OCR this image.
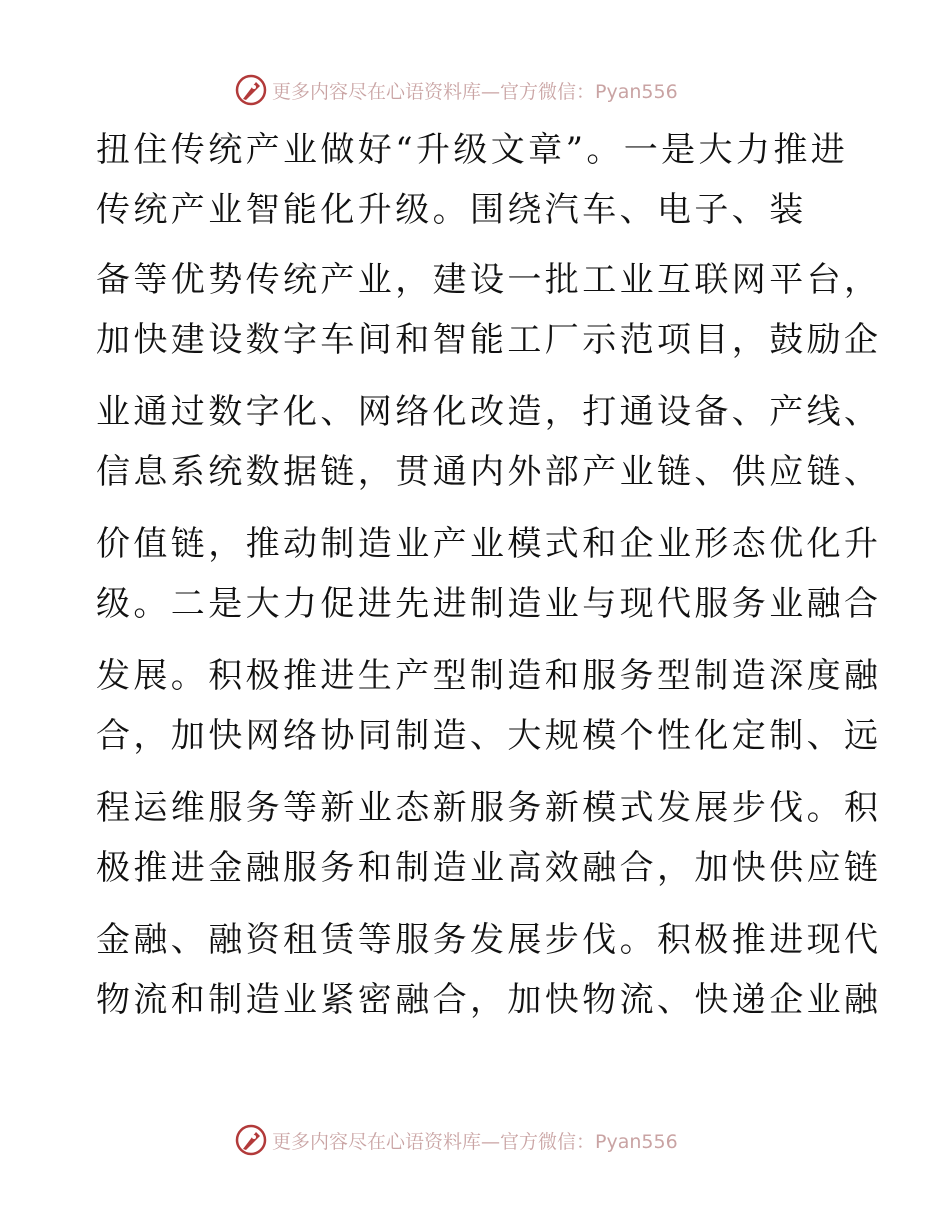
更多内容尽在心语资料库— 官方微信：Pyan556
扭住传统产业做好“升级文章”。一是大力推进
传统产业智能化升级。围绕汽车、电子、装
备等优势传统产业，建设一批工业互联网平台，
加快建设数字车间和智能工厂示范项目，鼓励企
业通过数字化、网络化改造，打通设备、产线、
信息系统数据链，贯通内外部产业链、供应链、
价值链，推动制造业产业模式和企业形态优化升
级。二是大力促进先进制造业与现代服务业融合
发展。积极推进生产型制造和服务型制造深度融
合，加快网络协同制造、大规模个性化定制、远
程运维服务等新业态新服务新模式发展步伐。积
极推进金融服务和制造业高效融合，加快供应链
金融、融资租赁等服务发展步伐。积极推进现代
物流和制造业紧密融合，加快物流、快递企业融
更多内容尽在心语资料库— 官方微信：Pyan556
